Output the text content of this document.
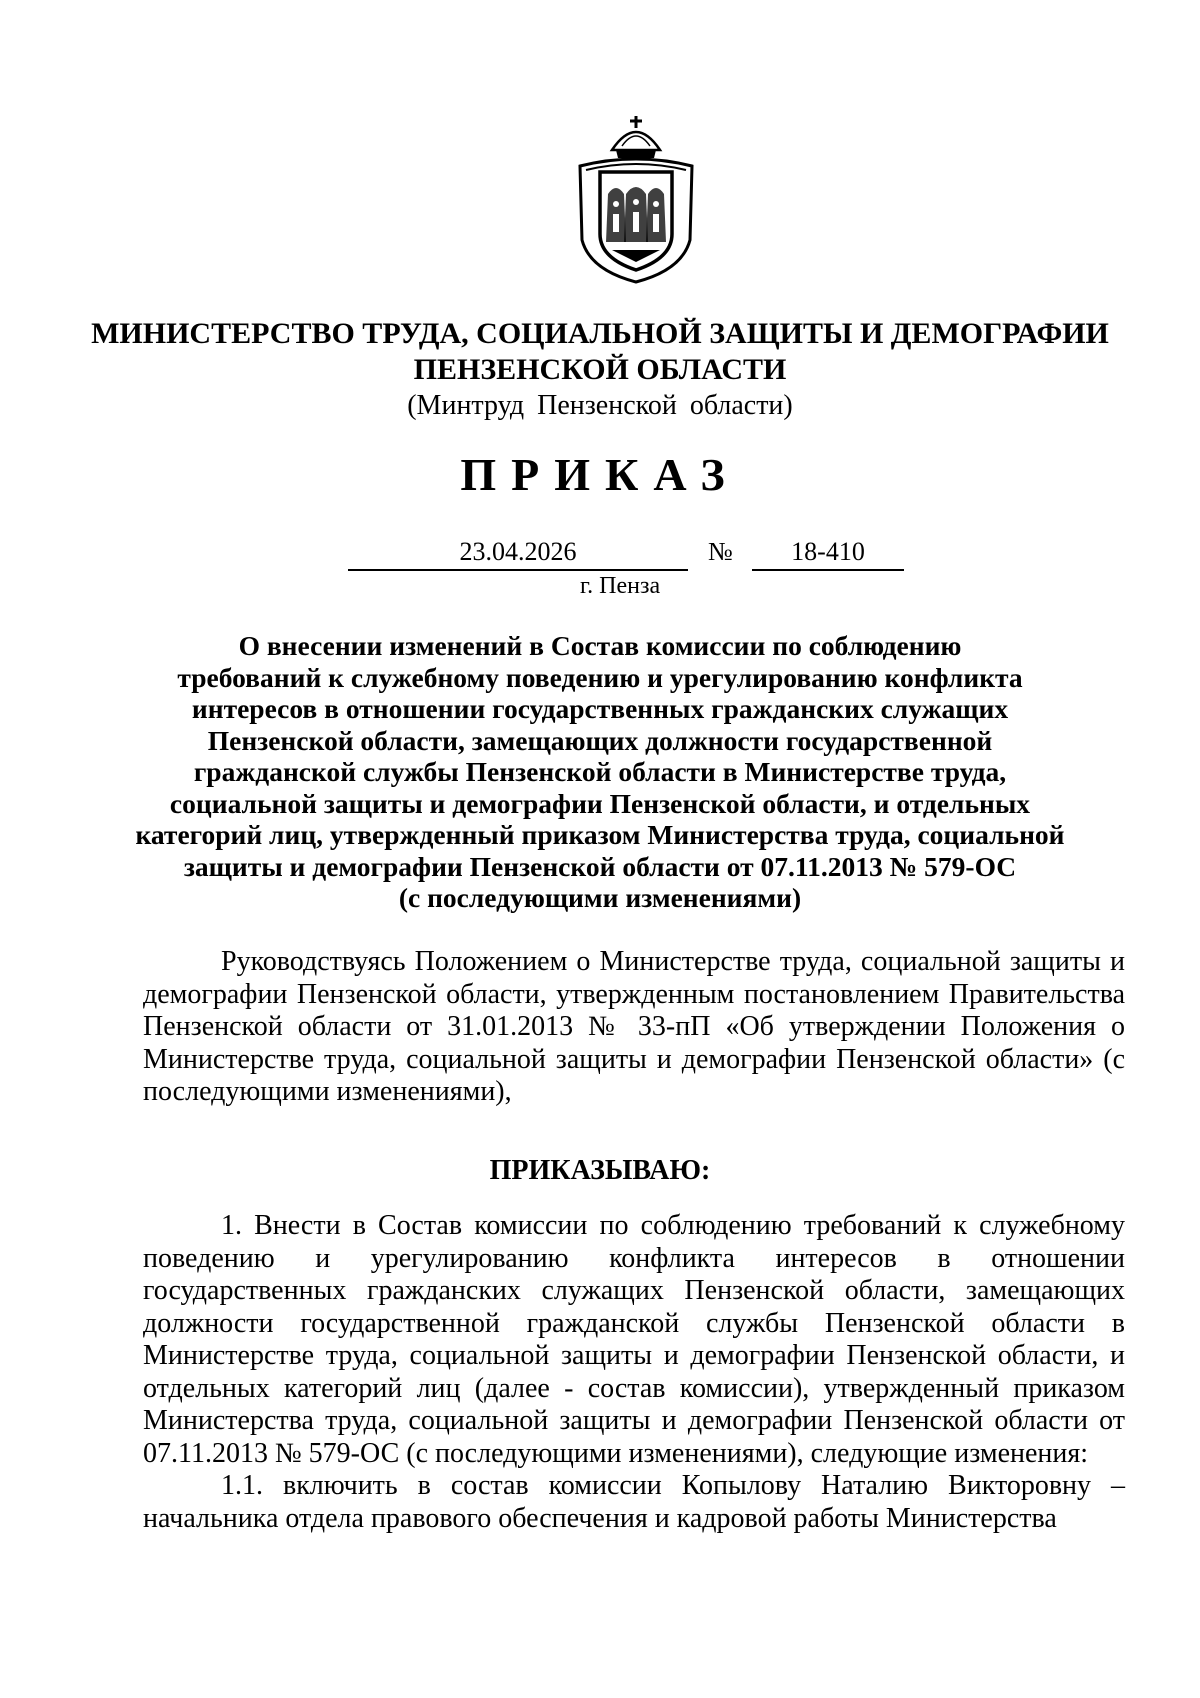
МИНИСТЕРСТВО ТРУДА, СОЦИАЛЬНОЙ ЗАЩИТЫ И ДЕМОГРАФИИ
ПЕНЗЕНСКОЙ ОБЛАСТИ
(Минтруд Пензенской области)
ПРИКАЗ
23.04.2026	№	18-410
г. Пенза
О внесении изменений в Состав комиссии по соблюдению
требований к служебному поведению и урегулированию конфликта
интересов в отношении государственных гражданских служащих
Пензенской области, замещающих должности государственной
гражданской службы Пензенской области в Министерстве труда,
социальной защиты и демографии Пензенской области, и отдельных
категорий лиц, утвержденный приказом Министерства труда, социальной
защиты и демографии Пензенской области от 07.11.2013 № 579-ОС
(с последующими изменениями)
Руководствуясь Положением о Министерстве труда, социальной защиты и демографии Пензенской области, утвержденным постановлением Правительства Пензенской области от 31.01.2013 № 33-пП «Об утверждении Положения о Министерстве труда, социальной защиты и демографии Пензенской области» (с последующими изменениями),
ПРИКАЗЫВАЮ:
1. Внести в Состав комиссии по соблюдению требований к служебному поведению и урегулированию конфликта интересов в отношении государственных гражданских служащих Пензенской области, замещающих должности государственной гражданской службы Пензенской области в Министерстве труда, социальной защиты и демографии Пензенской области, и отдельных категорий лиц (далее - состав комиссии), утвержденный приказом Министерства труда, социальной защиты и демографии Пензенской области от 07.11.2013 № 579-ОС (с последующими изменениями), следующие изменения:
1.1. включить в состав комиссии Копылову Наталию Викторовну – начальника отдела правового обеспечения и кадровой работы Министерства
